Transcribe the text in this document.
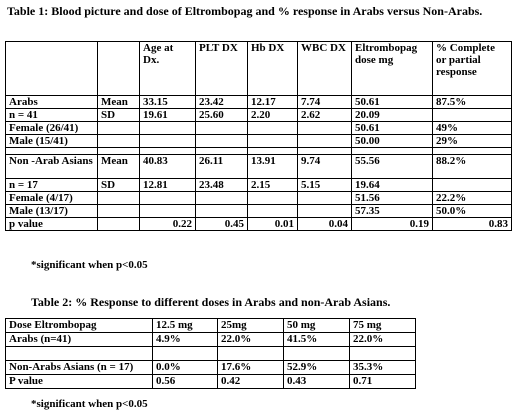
Table 1: Blood picture and dose of Eltrombopag and % response in Arabs versus Non-Arabs.
		Age at Dx.	PLT DX	Hb DX	WBC DX	Eltrombopag dose mg	% Complete or partial response
Arabs	Mean	33.15	23.42	12.17	7.74	50.61	87.5%
n = 41	SD	19.61	25.60	2.20	2.62	20.09	
Female (26/41)						50.61	49%
Male (15/41)						50.00	29%

Non -Arab Asians	Mean	40.83	26.11	13.91	9.74	55.56	88.2%
n = 17	SD	12.81	23.48	2.15	5.15	19.64	
Female (4/17)						51.56	22.2%
Male (13/17)						57.35	50.0%
p value		0.22	0.45	0.01	0.04	0.19	0.83
*significant when p<0.05
Table 2: % Response to different doses in Arabs and non-Arab Asians.
Dose Eltrombopag	12.5 mg	25mg	50 mg	75 mg
Arabs (n=41)	4.9%	22.0%	41.5%	22.0%

Non-Arabs Asians (n = 17)	0.0%	17.6%	52.9%	35.3%
P value	0.56	0.42	0.43	0.71
*significant when p<0.05
